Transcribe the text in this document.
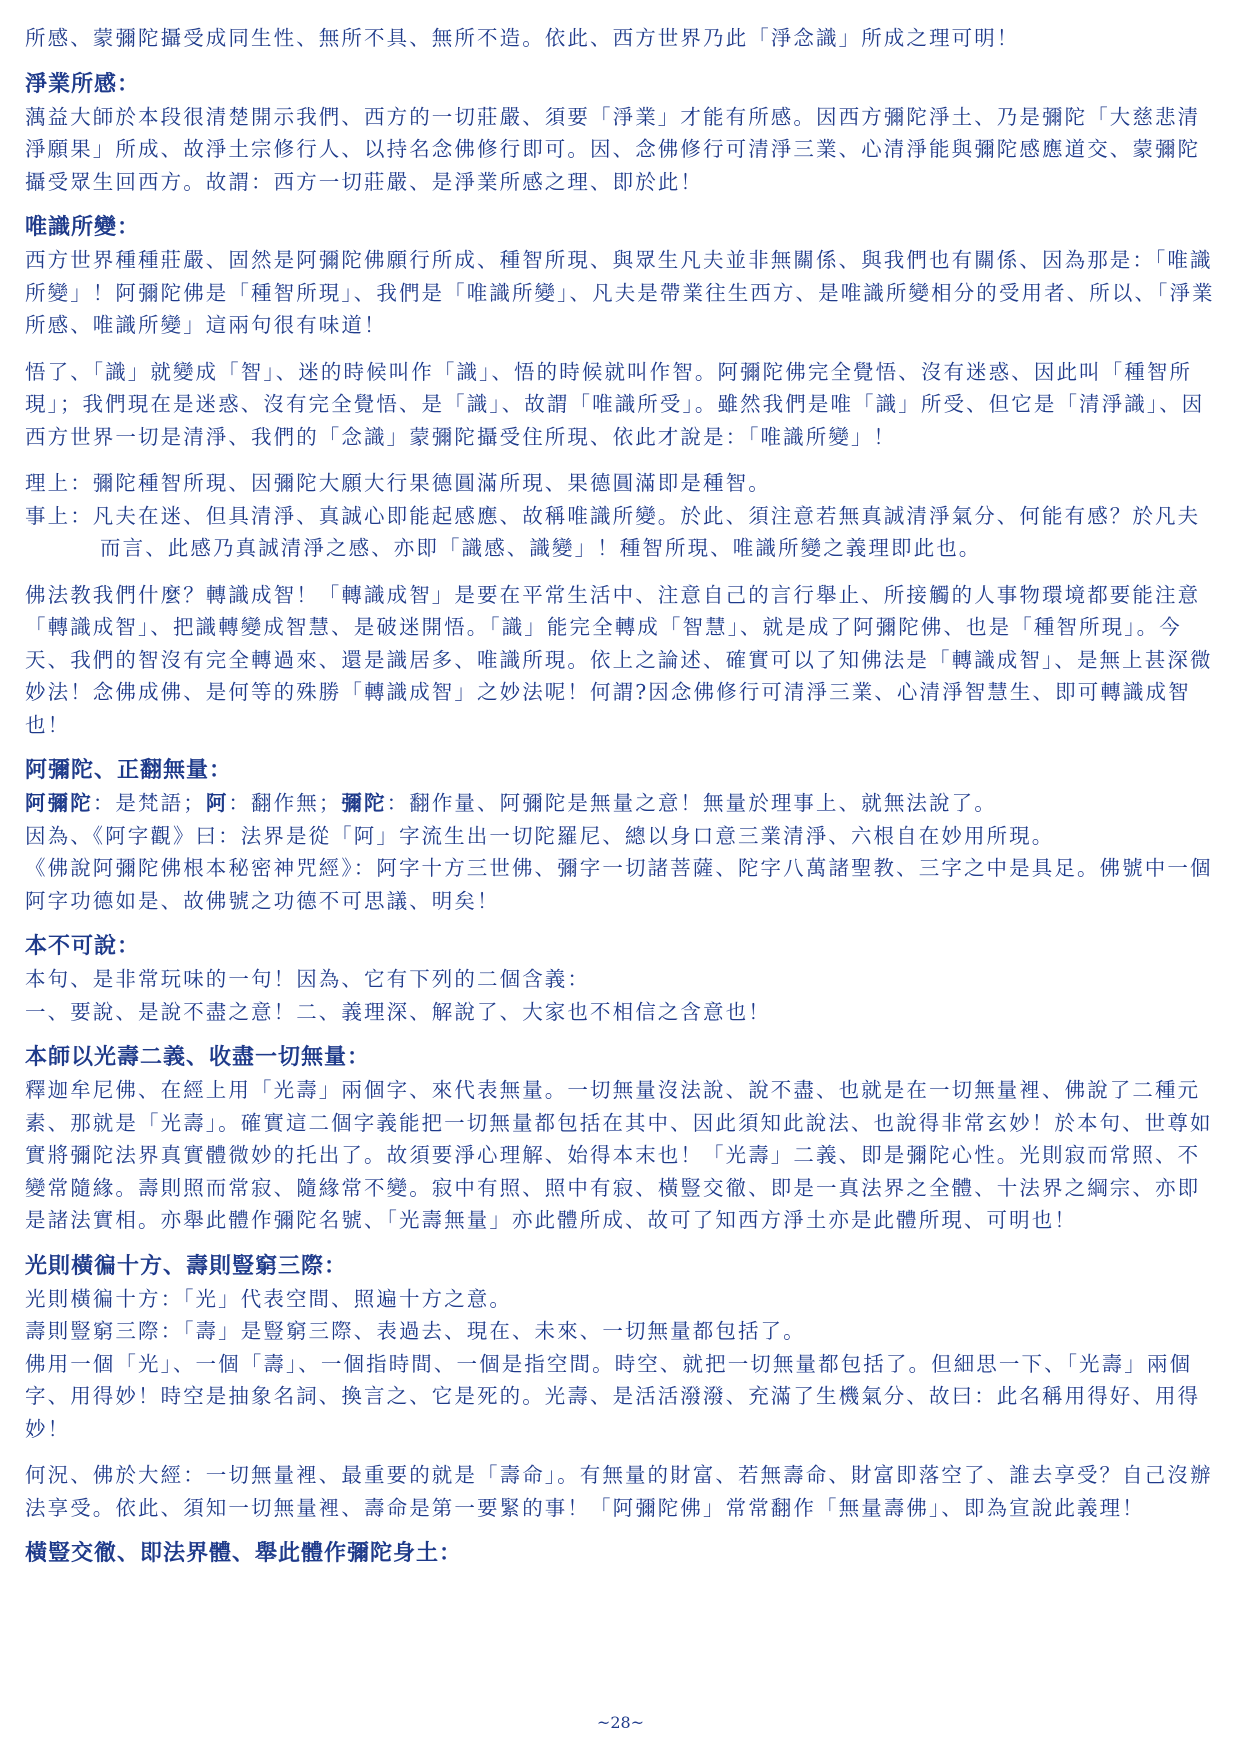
所感、蒙彌陀攝受成同生性、無所不具、無所不造。依此、西方世界乃此「淨念識」所成之理可明！

淨業所感：

蕅益大師於本段很清楚開示我們、西方的一切莊嚴、須要「淨業」才能有所感。因西方彌陀淨土、乃是彌陀「大慈悲清淨願果」所成、故淨土宗修行人、以持名念佛修行即可。因、念佛修行可清淨三業、心清淨能與彌陀感應道交、蒙彌陀攝受眾生回西方。故謂：西方一切莊嚴、是淨業所感之理、即於此！

唯識所變：

西方世界種種莊嚴、固然是阿彌陀佛願行所成、種智所現、與眾生凡夫並非無關係、與我們也有關係、因為那是：「唯識所變」！阿彌陀佛是「種智所現」、我們是「唯識所變」、凡夫是帶業往生西方、是唯識所變相分的受用者、所以、「淨業所感、唯識所變」這兩句很有味道！

悟了、「識」就變成「智」、迷的時候叫作「識」、悟的時候就叫作智。阿彌陀佛完全覺悟、沒有迷惑、因此叫「種智所現」；我們現在是迷惑、沒有完全覺悟、是「識」、故謂「唯識所受」。雖然我們是唯「識」所受、但它是「清淨識」、因西方世界一切是清淨、我們的「念識」蒙彌陀攝受住所現、依此才說是：「唯識所變」！

理上：彌陀種智所現、因彌陀大願大行果德圓滿所現、果德圓滿即是種智。

事上：凡夫在迷、但具清淨、真誠心即能起感應、故稱唯識所變。於此、須注意若無真誠清淨氣分、何能有感？於凡夫而言、此感乃真誠清淨之感、亦即「識感、識變」！種智所現、唯識所變之義理即此也。

佛法教我們什麼？轉識成智！「轉識成智」是要在平常生活中、注意自己的言行舉止、所接觸的人事物環境都要能注意「轉識成智」、把識轉變成智慧、是破迷開悟。「識」能完全轉成「智慧」、就是成了阿彌陀佛、也是「種智所現」。今天、我們的智沒有完全轉過來、還是識居多、唯識所現。依上之論述、確實可以了知佛法是「轉識成智」、是無上甚深微妙法！念佛成佛、是何等的殊勝「轉識成智」之妙法呢！何謂?因念佛修行可清淨三業、心清淨智慧生、即可轉識成智也！

阿彌陀、正翻無量：

阿彌陀：是梵語；阿：翻作無；彌陀：翻作量、阿彌陀是無量之意！無量於理事上、就無法說了。

因為、《阿字觀》曰：法界是從「阿」字流生出一切陀羅尼、總以身口意三業清淨、六根自在妙用所現。

《佛說阿彌陀佛根本秘密神咒經》：阿字十方三世佛、彌字一切諸菩薩、陀字八萬諸聖教、三字之中是具足。佛號中一個阿字功德如是、故佛號之功德不可思議、明矣！

本不可說：

本句、是非常玩味的一句！因為、它有下列的二個含義：

一、要說、是說不盡之意！二、義理深、解說了、大家也不相信之含意也！

本師以光壽二義、收盡一切無量：

釋迦牟尼佛、在經上用「光壽」兩個字、來代表無量。一切無量沒法說、說不盡、也就是在一切無量裡、佛說了二種元素、那就是「光壽」。確實這二個字義能把一切無量都包括在其中、因此須知此說法、也說得非常玄妙！於本句、世尊如實將彌陀法界真實體微妙的托出了。故須要淨心理解、始得本末也！「光壽」二義、即是彌陀心性。光則寂而常照、不變常隨緣。壽則照而常寂、隨緣常不變。寂中有照、照中有寂、橫豎交徹、即是一真法界之全體、十法界之綱宗、亦即是諸法實相。亦舉此體作彌陀名號、「光壽無量」亦此體所成、故可了知西方淨土亦是此體所現、可明也！

光則橫徧十方、壽則豎窮三際：

光則橫徧十方：「光」代表空間、照遍十方之意。

壽則豎窮三際：「壽」是豎窮三際、表過去、現在、未來、一切無量都包括了。

佛用一個「光」、一個「壽」、一個指時間、一個是指空間。時空、就把一切無量都包括了。但細思一下、「光壽」兩個字、用得妙！時空是抽象名詞、換言之、它是死的。光壽、是活活潑潑、充滿了生機氣分、故曰：此名稱用得好、用得妙！

何況、佛於大經：一切無量裡、最重要的就是「壽命」。有無量的財富、若無壽命、財富即落空了、誰去享受？自己沒辦法享受。依此、須知一切無量裡、壽命是第一要緊的事！「阿彌陀佛」常常翻作「無量壽佛」、即為宣說此義理！

橫豎交徹、即法界體、舉此體作彌陀身土：

~28~
